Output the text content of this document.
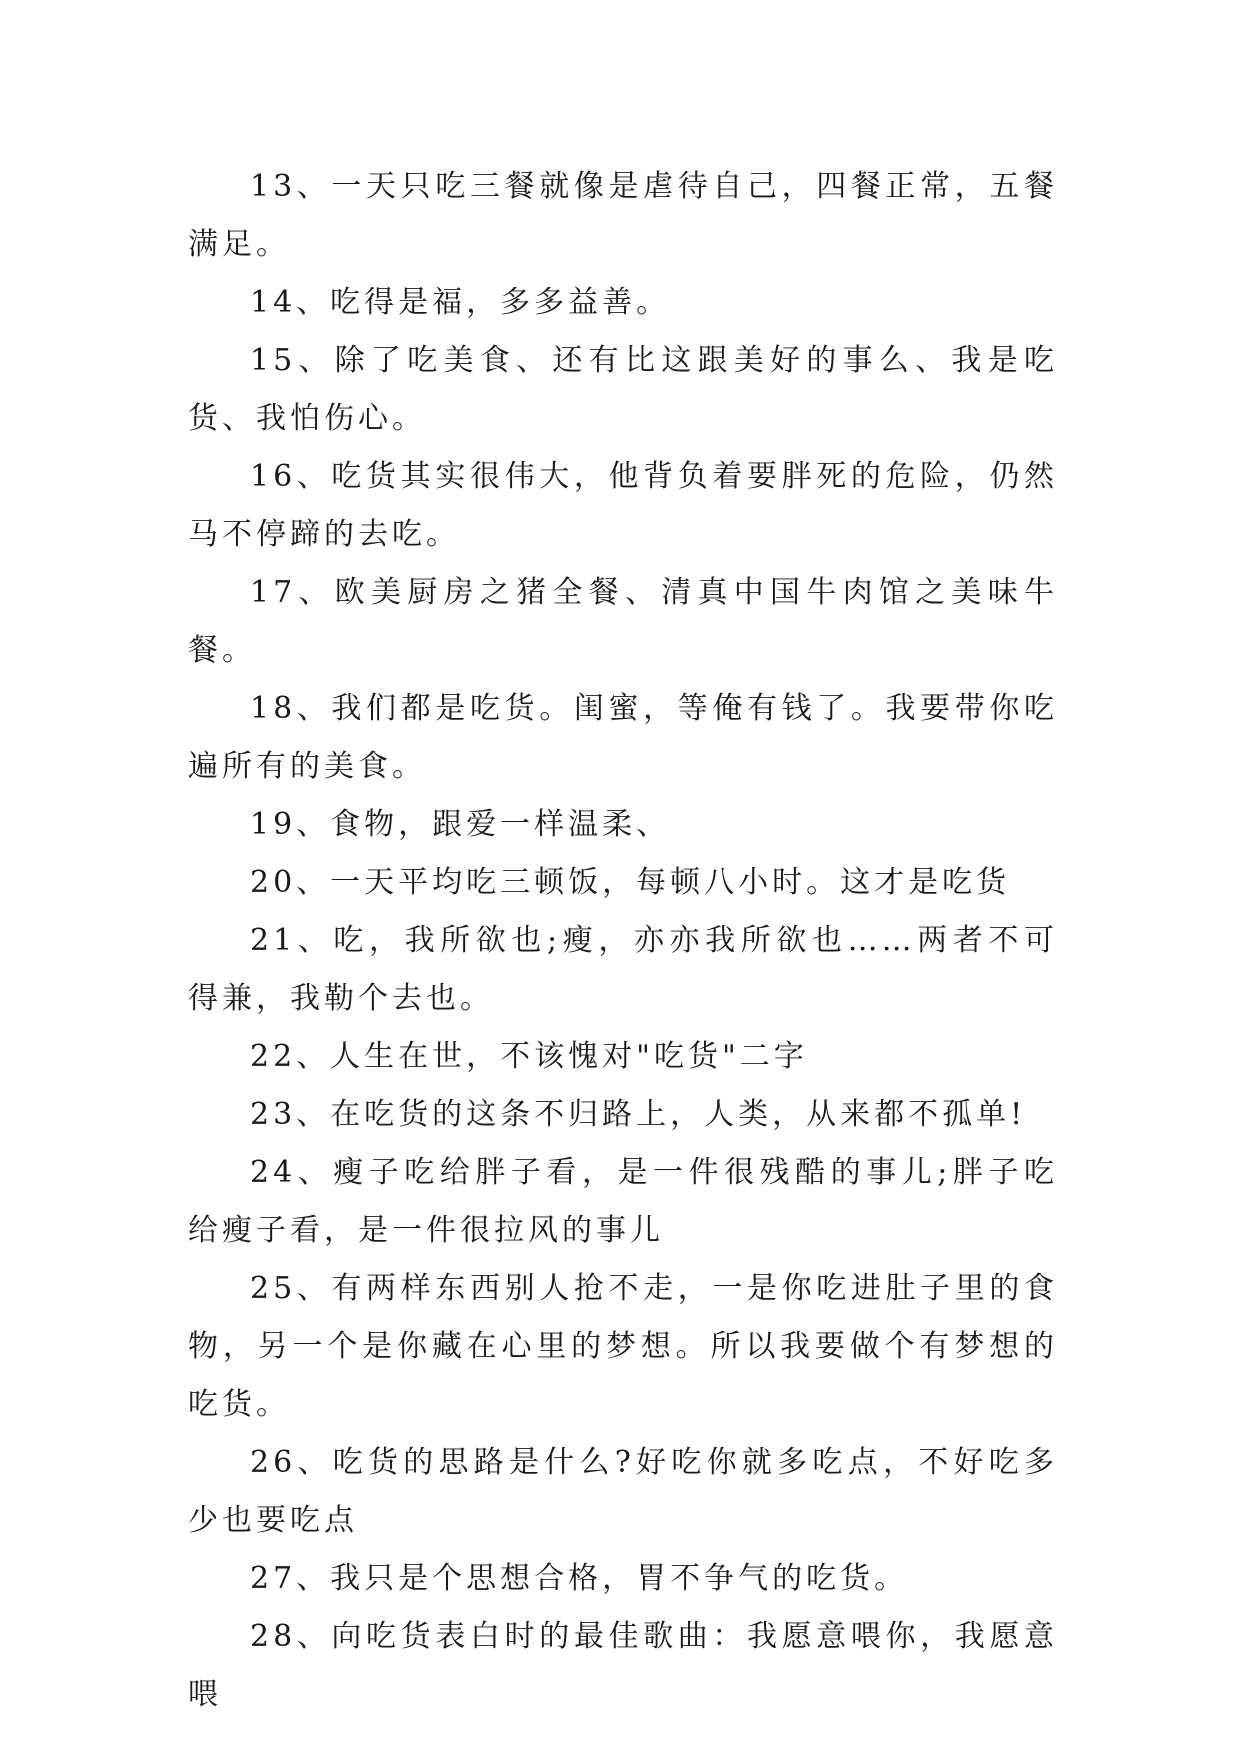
13、一天只吃三餐就像是虐待自己，四餐正常，五餐满足。

14、吃得是福，多多益善。

15、除了吃美食、还有比这跟美好的事么、我是吃货、我怕伤心。

16、吃货其实很伟大，他背负着要胖死的危险，仍然马不停蹄的去吃。

17、欧美厨房之猪全餐、清真中国牛肉馆之美味牛餐。

18、我们都是吃货。闺蜜，等俺有钱了。我要带你吃遍所有的美食。

19、食物，跟爱一样温柔、

20、一天平均吃三顿饭，每顿八小时。这才是吃货

21、吃，我所欲也;瘦，亦亦我所欲也……两者不可得兼，我勒个去也。

22、人生在世，不该愧对"吃货"二字

23、在吃货的这条不归路上，人类，从来都不孤单!

24、瘦子吃给胖子看，是一件很残酷的事儿;胖子吃给瘦子看，是一件很拉风的事儿

25、有两样东西别人抢不走，一是你吃进肚子里的食物，另一个是你藏在心里的梦想。所以我要做个有梦想的吃货。

26、吃货的思路是什么?好吃你就多吃点，不好吃多少也要吃点

27、我只是个思想合格，胃不争气的吃货。

28、向吃货表白时的最佳歌曲：我愿意喂你，我愿意喂
